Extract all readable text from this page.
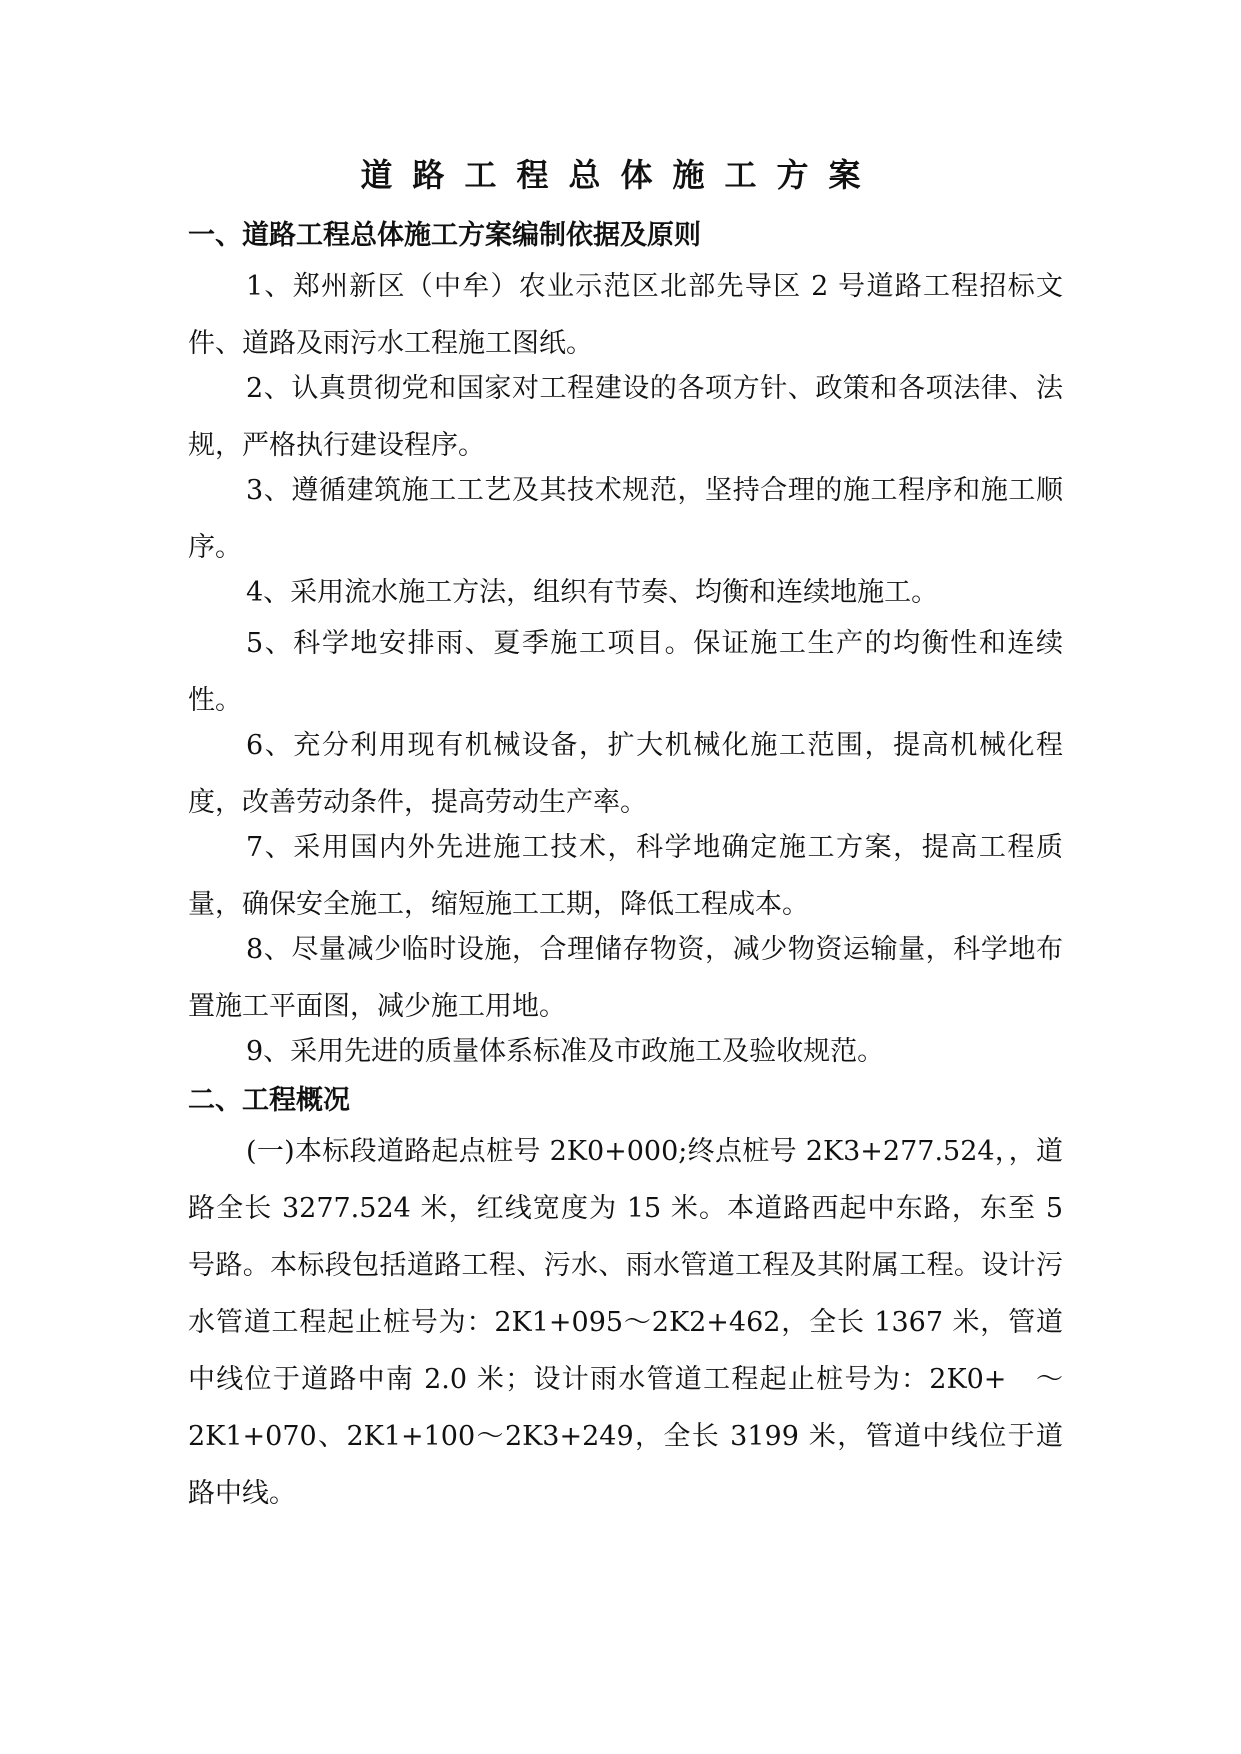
道路工程总体施工方案
一、道路工程总体施工方案编制依据及原则

1、郑州新区（中牟）农业示范区北部先导区 2 号道路工程招标文件、道路及雨污水工程施工图纸。

2、认真贯彻党和国家对工程建设的各项方针、政策和各项法律、法规，严格执行建设程序。

3、遵循建筑施工工艺及其技术规范，坚持合理的施工程序和施工顺序。

4、采用流水施工方法，组织有节奏、均衡和连续地施工。

5、科学地安排雨、夏季施工项目。保证施工生产的均衡性和连续性。

6、充分利用现有机械设备，扩大机械化施工范围，提高机械化程度，改善劳动条件，提高劳动生产率。

7、采用国内外先进施工技术，科学地确定施工方案，提高工程质量，确保安全施工，缩短施工工期，降低工程成本。

8、尽量减少临时设施，合理储存物资，减少物资运输量，科学地布置施工平面图，减少施工用地。

9、采用先进的质量体系标准及市政施工及验收规范。

二、工程概况

(一)本标段道路起点桩号 2K0+000;终点桩号 2K3+277.524，，道路全长 3277.524 米，红线宽度为 15 米。本道路西起中东路，东至 5 号路。本标段包括道路工程、污水、雨水管道工程及其附属工程。设计污水管道工程起止桩号为：2K1+095～2K2+462，全长 1367 米，管道中线位于道路中南 2.0 米；设计雨水管道工程起止桩号为：2K0+　～2K1+070、2K1+100～2K3+249，全长 3199 米，管道中线位于道路中线。
